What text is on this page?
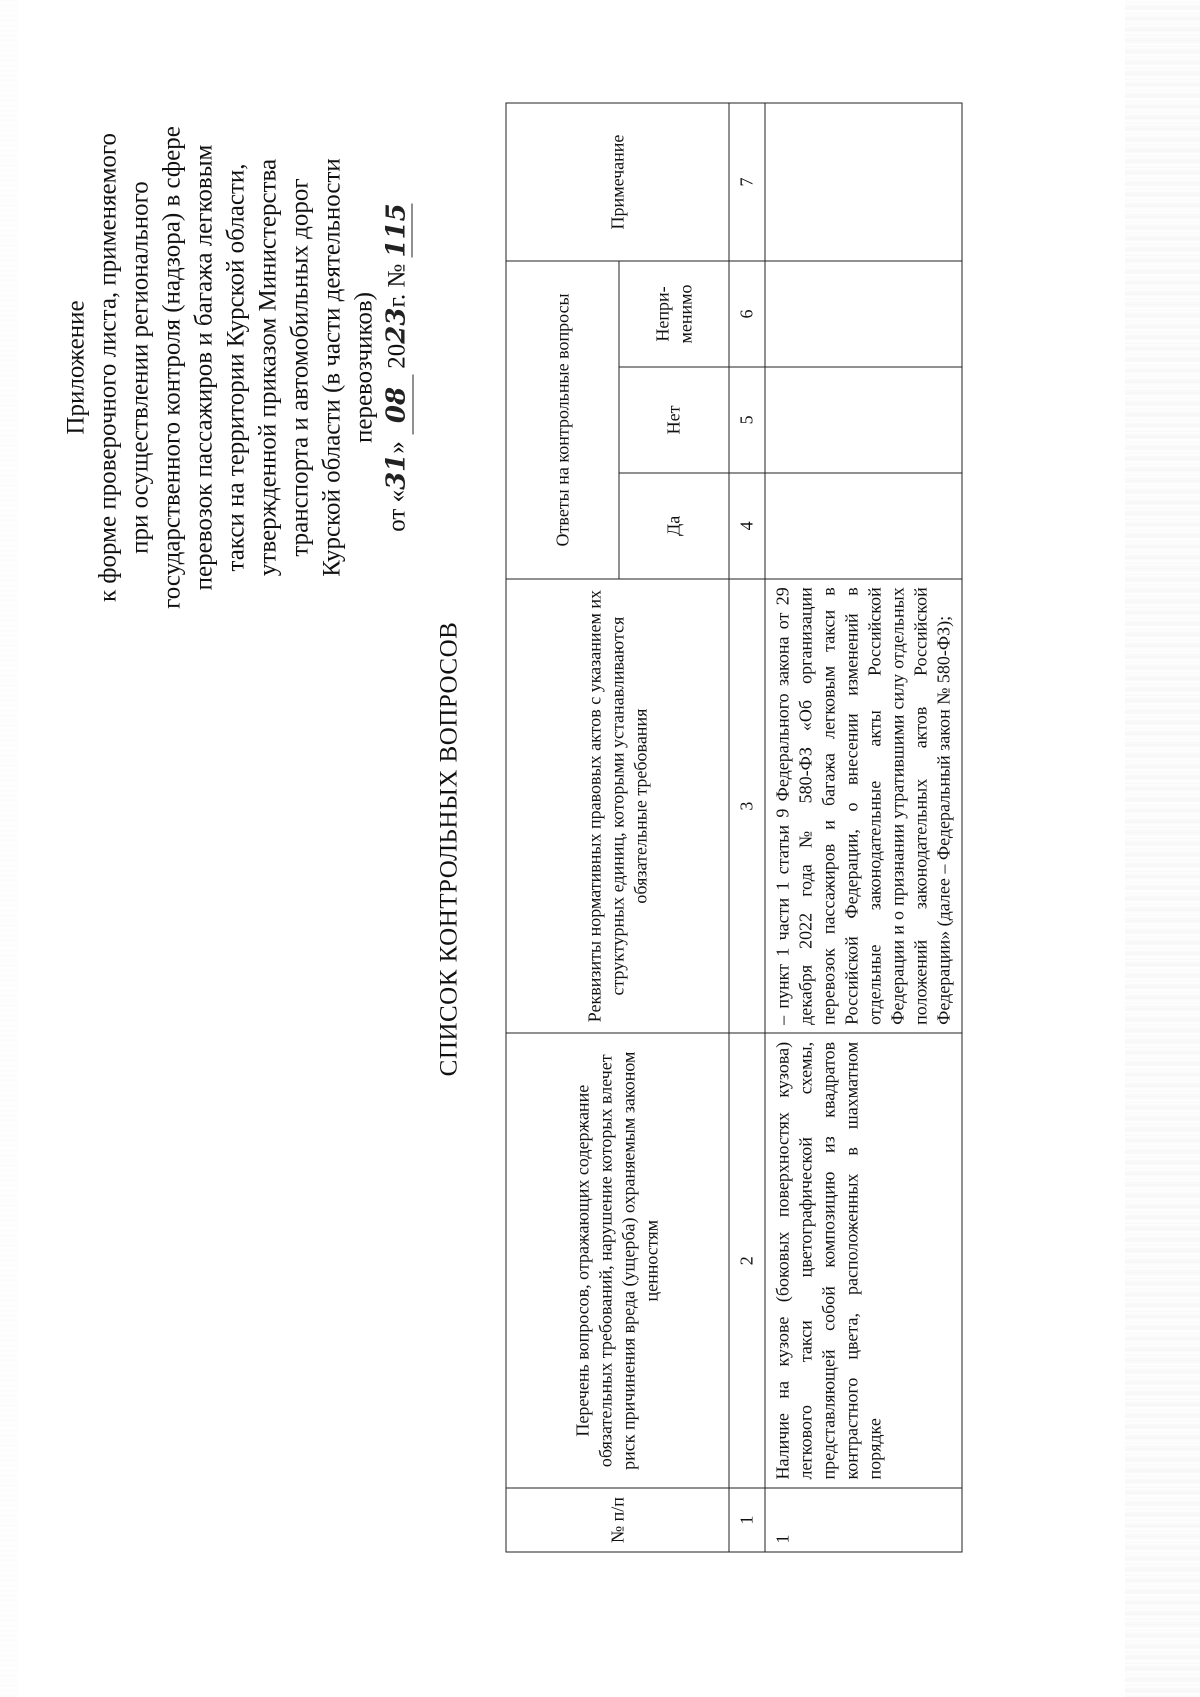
Приложение к форме проверочного листа, применяемого при осуществлении регионального государственного контроля (надзора) в сфере перевозок пассажиров и багажа легковым такси на территории Курской области, утвержденной приказом Министерства транспорта и автомобильных дорог Курской области (в части деятельности перевозчиков)
от «31» 08 2023г. № 115
СПИСОК КОНТРОЛЬНЫХ ВОПРОСОВ
№ п/п	Перечень вопросов, отражающих содержание обязательных требований, нарушение которых влечет риск причинения вреда (ущерба) охраняемым законом ценностям	Реквизиты нормативных правовых актов с указанием их структурных единиц, которыми устанавливаются обязательные требования	Ответы на контрольные вопросы			Примечание
			Да	Нет	Непри-менимо	
1	2	3	4	5	6	7
1	Наличие на кузове (боковых поверхностях кузова) легкового такси цветографической схемы, представляющей собой композицию из квадратов контрастного цвета, расположенных в шахматном порядке	– пункт 1 части 1 статьи 9 Федерального закона от 29 декабря 2022 года № 580-ФЗ «Об организации перевозок пассажиров и багажа легковым такси в Российской Федерации, о внесении изменений в отдельные законодательные акты Российской Федерации и о признании утратившими силу отдельных положений законодательных актов Российской Федерации» (далее – Федеральный закон № 580-ФЗ);				
